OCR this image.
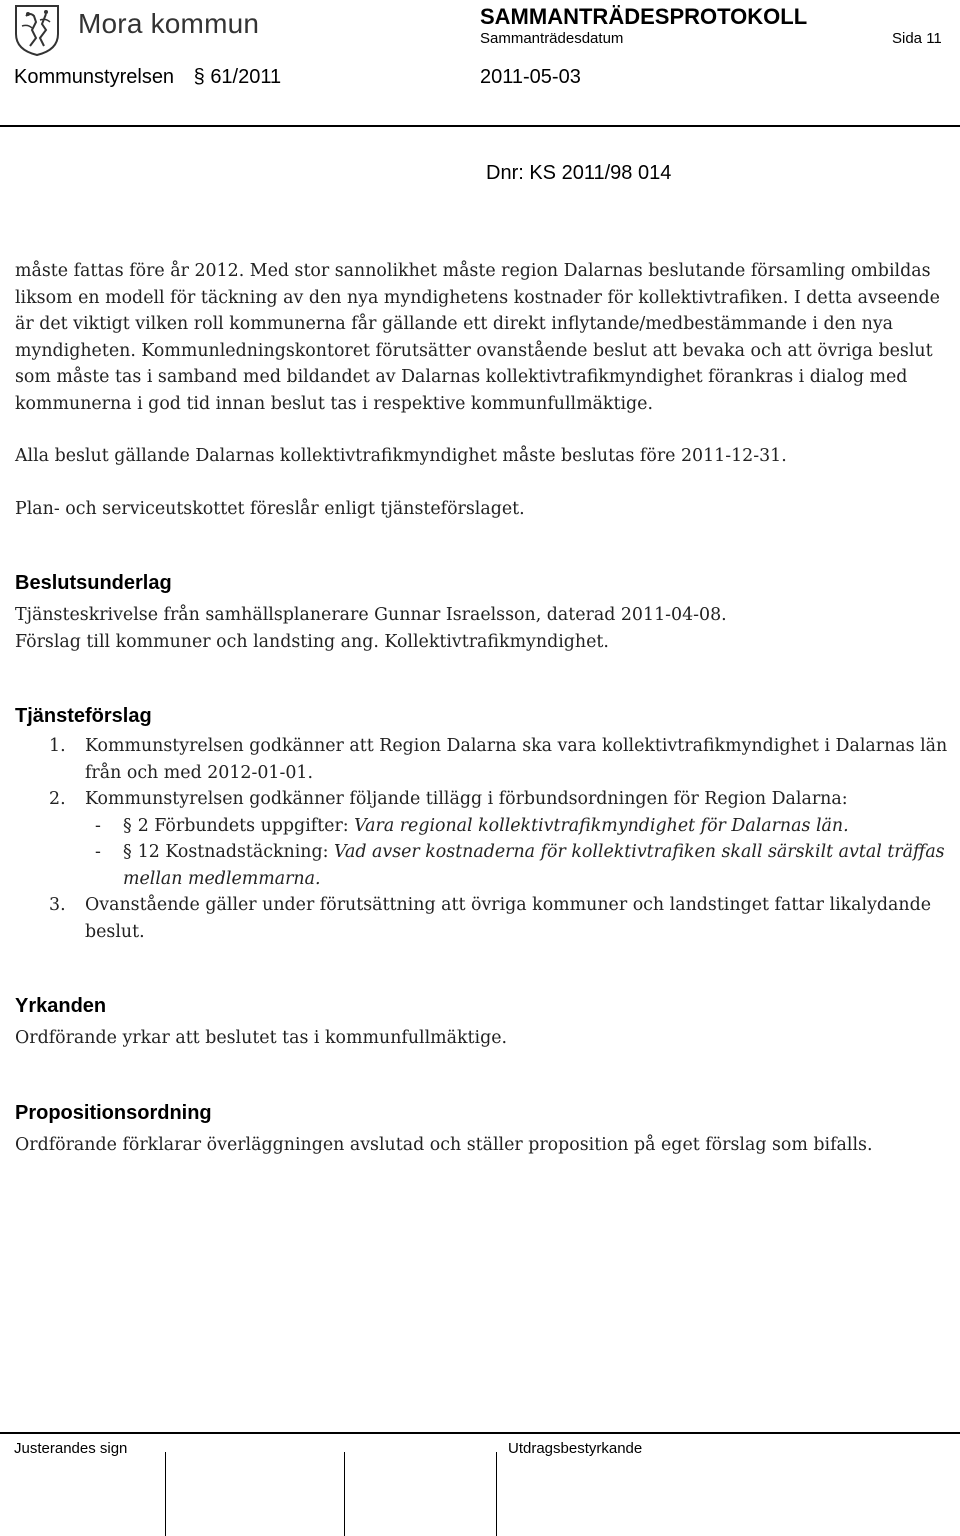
Mora kommun	SAMMANTRÄDESPROTOKOLL
Sammanträdesdatum	Sida 11
Kommunstyrelsen § 61/2011	2011-05-03
Dnr: KS 2011/98 014

måste fattas före år 2012. Med stor sannolikhet måste region Dalarnas beslutande församling ombildas liksom en modell för täckning av den nya myndighetens kostnader för kollektivtrafiken. I detta avseende är det viktigt vilken roll kommunerna får gällande ett direkt inflytande/medbestämmande i den nya myndigheten. Kommunledningskontoret förutsätter ovanstående beslut att bevaka och att övriga beslut som måste tas i samband med bildandet av Dalarnas kollektivtrafikmyndighet förankras i dialog med kommunerna i god tid innan beslut tas i respektive kommunfullmäktige.

Alla beslut gällande Dalarnas kollektivtrafikmyndighet måste beslutas före 2011-12-31.

Plan- och serviceutskottet föreslår enligt tjänsteförslaget.

Beslutsunderlag

Tjänsteskrivelse från samhällsplanerare Gunnar Israelsson, daterad 2011-04-08.

Förslag till kommuner och landsting ang. Kollektivtrafikmyndighet.

Tjänsteförslag
1. Kommunstyrelsen godkänner att Region Dalarna ska vara kollektivtrafikmyndighet i Dalarnas län från och med 2012-01-01.
2. Kommunstyrelsen godkänner följande tillägg i förbundsordningen för Region Dalarna:
- § 2 Förbundets uppgifter: Vara regional kollektivtrafikmyndighet för Dalarnas län.
- § 12 Kostnadstäckning: Vad avser kostnaderna för kollektivtrafiken skall särskilt avtal träffas mellan medlemmarna.
3. Ovanstående gäller under förutsättning att övriga kommuner och landstinget fattar likalydande beslut.
Yrkanden

Ordförande yrkar att beslutet tas i kommunfullmäktige.

Propositionsordning

Ordförande förklarar överläggningen avslutad och ställer proposition på eget förslag som bifalls.

Justerandes sign	Utdragsbestyrkande
